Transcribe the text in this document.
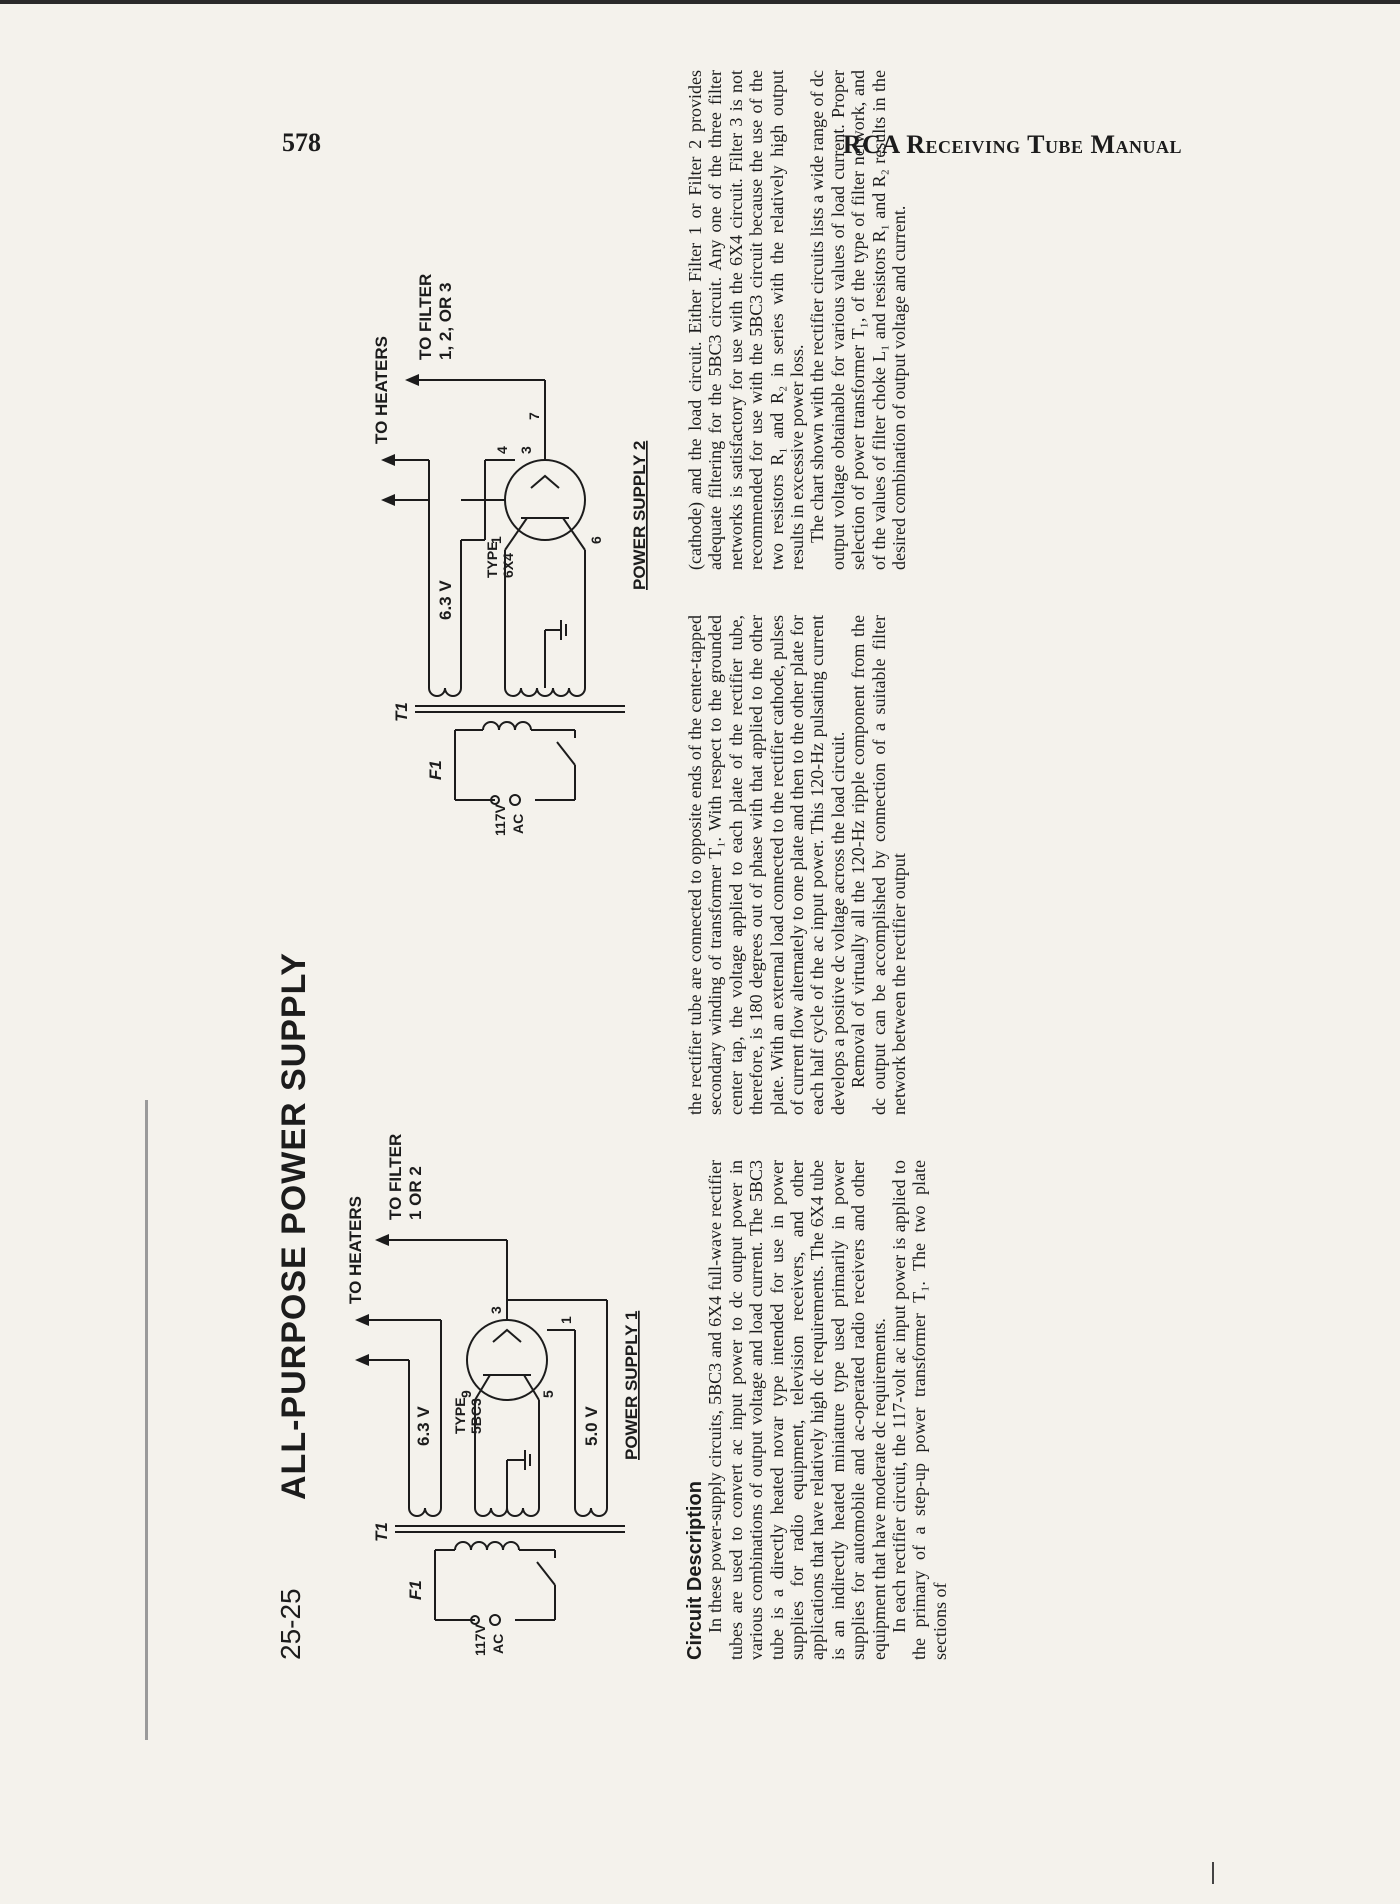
578	RCA Receiving Tube Manual
25-25
ALL-PURPOSE POWER SUPPLY
117V AC
F1
T1
6.3 V	5.0 V
TYPE 5BC3
9	5
3
1
TO HEATERS
TO FILTER 1 OR 2
POWER SUPPLY 1
117V AC
F1
T1
6.3 V
TYPE 6X4
1	6
4 3
7
TO HEATERS
TO FILTER 1, 2, OR 3
POWER SUPPLY 2

Circuit Description In these power-supply circuits, 5BC3 and 6X4 full-wave rectifier tubes are used to convert ac input power to dc output power in various combinations of output voltage and load current. The 5BC3 tube is a directly heated novar type intended for use in power supplies for radio equipment, television receivers, and other applications that have relatively high dc requirements. The 6X4 tube is an indirectly heated miniature type used primarily in power supplies for automobile and ac-operated radio receivers and other equipment that have moderate dc requirements. In each rectifier circuit, the 117-volt ac input power is applied to the primary of a step-up power transformer T₁. The two plate sections of

the rectifier tube are connected to opposite ends of the center-tapped secondary winding of transformer T₁. With respect to the grounded center tap, the voltage applied to each plate of the rectifier tube, therefore, is 180 degrees out of phase with that applied to the other plate. With an external load connected to the rectifier cathode, pulses of current flow alternately to one plate and then to the other plate for each half cycle of the ac input power. This 120-Hz pulsating current develops a positive dc voltage across the load circuit. Removal of virtually all the 120-Hz ripple component from the dc output can be accomplished by connection of a suitable filter network between the rectifier output

(cathode) and the load circuit. Either Filter 1 or Filter 2 provides adequate filtering for the 5BC3 circuit. Any one of the three filter networks is satisfactory for use with the 6X4 circuit. Filter 3 is not recommended for use with the 5BC3 circuit because the use of the two resistors R₁ and R₂ in series with the relatively high output results in excessive power loss. The chart shown with the rectifier circuits lists a wide range of dc output voltage obtainable for various values of load current. Proper selection of power transformer T₁, of the type of filter network, and of the values of filter choke L₁ and resistors R₁ and R₂ results in the desired combination of output voltage and current.
